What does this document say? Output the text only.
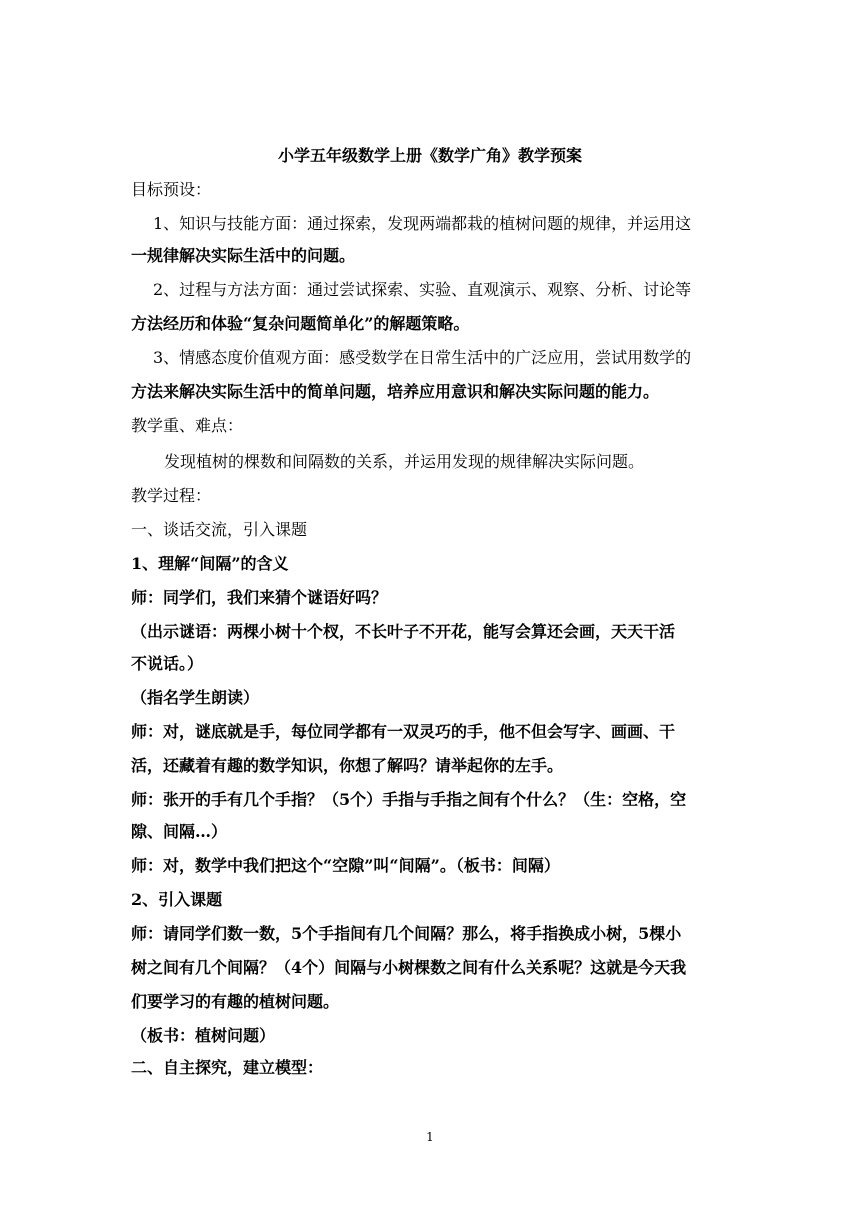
小学五年级数学上册《数学广角》教学预案
目标预设：
1、知识与技能方面：通过探索，发现两端都栽的植树问题的规律，并运用这
一规律解决实际生活中的问题。
2、过程与方法方面：通过尝试探索、实验、直观演示、观察、分析、讨论等
方法经历和体验“复杂问题简单化”的解题策略。
3、情感态度价值观方面：感受数学在日常生活中的广泛应用，尝试用数学的
方法来解决实际生活中的简单问题，培养应用意识和解决实际问题的能力。
教学重、难点：
发现植树的棵数和间隔数的关系，并运用发现的规律解决实际问题。
教学过程：
一、谈话交流，引入课题
1、理解“间隔”的含义
师：同学们，我们来猜个谜语好吗？
（出示谜语：两棵小树十个杈，不长叶子不开花，能写会算还会画，天天干活
不说话。）
（指名学生朗读）
师：对，谜底就是手，每位同学都有一双灵巧的手，他不但会写字、画画、干
活，还藏着有趣的数学知识，你想了解吗？请举起你的左手。
师：张开的手有几个手指？（5个）手指与手指之间有个什么？（生：空格，空
隙、间隔…）
师：对，数学中我们把这个“空隙”叫“间隔”。（板书：间隔）
2、引入课题
师：请同学们数一数，5个手指间有几个间隔？那么，将手指换成小树，5棵小
树之间有几个间隔？（4个）间隔与小树棵数之间有什么关系呢？这就是今天我
们要学习的有趣的植树问题。
（板书：植树问题）
二、自主探究，建立模型：
1
